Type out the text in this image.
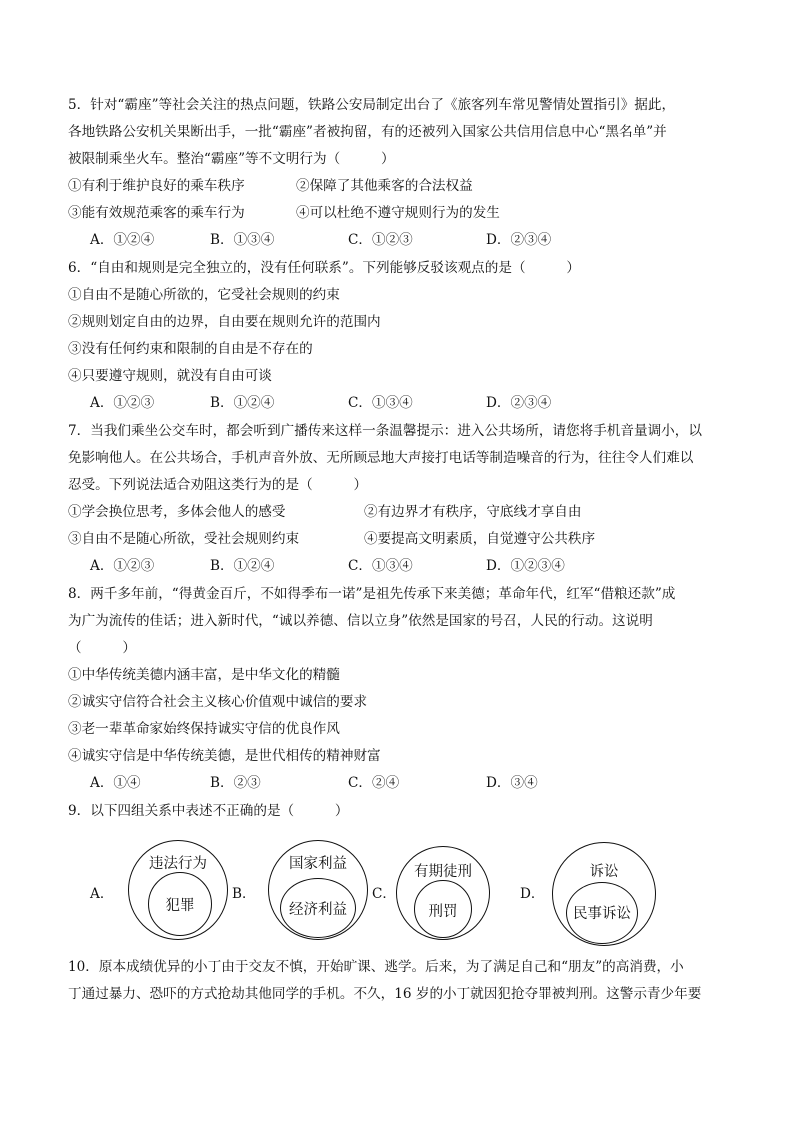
5．针对“霸座”等社会关注的热点问题，铁路公安局制定出台了《旅客列车常见警情处置指引》据此，
各地铁路公安机关果断出手，一批“霸座”者被拘留，有的还被列入国家公共信用信息中心“黑名单”并
被限制乘坐火车。整治“霸座”等不文明行为（　　　）
①有利于维护良好的乘车秩序	②保障了其他乘客的合法权益
③能有效规范乘客的乘车行为	④可以杜绝不遵守规则行为的发生
A．①②④	B．①③④	C．①②③	D．②③④
6．“自由和规则是完全独立的，没有任何联系”。下列能够反驳该观点的是（　　　）
①自由不是随心所欲的，它受社会规则的约束
②规则划定自由的边界，自由要在规则允许的范围内
③没有任何约束和限制的自由是不存在的
④只要遵守规则，就没有自由可谈
A．①②③	B．①②④	C．①③④	D．②③④
7．当我们乘坐公交车时，都会听到广播传来这样一条温馨提示：进入公共场所，请您将手机音量调小，以
免影响他人。在公共场合，手机声音外放、无所顾忌地大声接打电话等制造噪音的行为，往往令人们难以
忍受。下列说法适合劝阻这类行为的是（　　　）
①学会换位思考，多体会他人的感受	②有边界才有秩序，守底线才享自由
③自由不是随心所欲，受社会规则约束	④要提高文明素质，自觉遵守公共秩序
A．①②③	B．①②④	C．①③④	D．①②③④
8．两千多年前，“得黄金百斤，不如得季布一诺”是祖先传承下来美德；革命年代，红军“借粮还款”成
为广为流传的佳话；进入新时代，“诚以养德、信以立身”依然是国家的号召，人民的行动。这说明
（　　　）
①中华传统美德内涵丰富，是中华文化的精髓
②诚实守信符合社会主义核心价值观中诚信的要求
③老一辈革命家始终保持诚实守信的优良作风
④诚实守信是中华传统美德，是世代相传的精神财富
A．①④	B．②③	C．②④	D．③④
9．以下四组关系中表述不正确的是（　　　）
A．
违法行为
犯罪
B．
国家利益
经济利益
C．
有期徒刑
刑罚
D．
诉讼
民事诉讼
10．原本成绩优异的小丁由于交友不慎，开始旷课、逃学。后来，为了满足自己和“朋友”的高消费，小
丁通过暴力、恐吓的方式抢劫其他同学的手机。不久，16 岁的小丁就因犯抢夺罪被判刑。这警示青少年要
